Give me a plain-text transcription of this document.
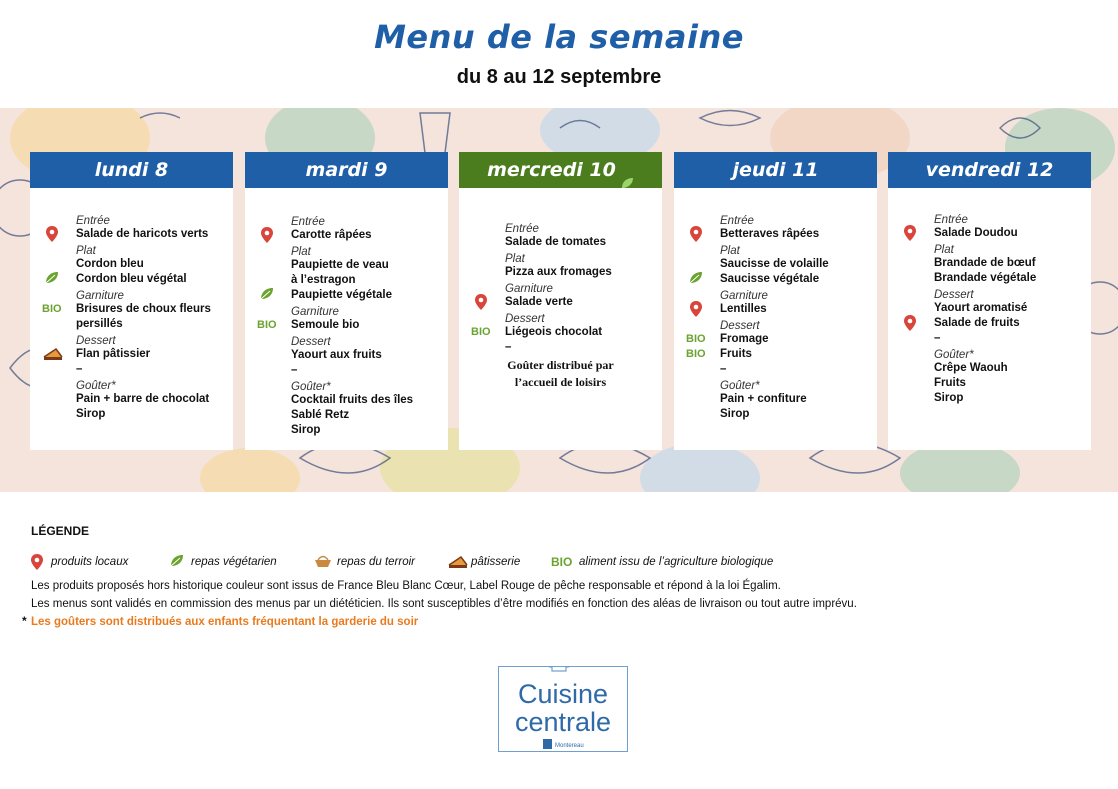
Menu de la semaine
du 8 au 12 septembre
lundi 8
Entrée
Salade de haricots verts
Plat
Cordon bleu
Cordon bleu végétal
Garniture
Brisures de choux fleurs
BIO
persillés
Dessert
Flan pâtissier
–
Goûter*
Pain + barre de chocolat
Sirop
mardi 9
Entrée
Carotte râpées
Plat
Paupiette de veau
à l’estragon
Paupiette végétale
Garniture
Semoule bio
BIO
Dessert
Yaourt aux fruits
–
Goûter*
Cocktail fruits des îles
Sablé Retz
Sirop
mercredi 10
Entrée
Salade de tomates
Plat
Pizza aux fromages
Garniture
Salade verte
Dessert
Liégeois chocolat
BIO
–
Goûter distribué par
l’accueil de loisirs
jeudi 11
Entrée
Betteraves râpées
Plat
Saucisse de volaille
Saucisse végétale
Garniture
Lentilles
Dessert
Fromage
BIO
Fruits
BIO
–
Goûter*
Pain + confiture
Sirop
vendredi 12
Entrée
Salade Doudou
Plat
Brandade de bœuf
Brandade végétale
Dessert
Yaourt aromatisé
Salade de fruits
–
Goûter*
Crêpe Waouh
Fruits
Sirop
LÉGENDE
produits locaux	repas végétarien	repas du terroir	pâtisserie	BIO aliment issu de l’agriculture biologique
Les produits proposés hors historique couleur sont issus de France Bleu Blanc Cœur, Label Rouge de pêche responsable et répond à la loi Égalim.
Les menus sont validés en commission des menus par un diététicien. Ils sont susceptibles d’être modifiés en fonction des aléas de livraison ou tout autre imprévu.
* Les goûters sont distribués aux enfants fréquentant la garderie du soir
Cuisine
centrale
Montereau
